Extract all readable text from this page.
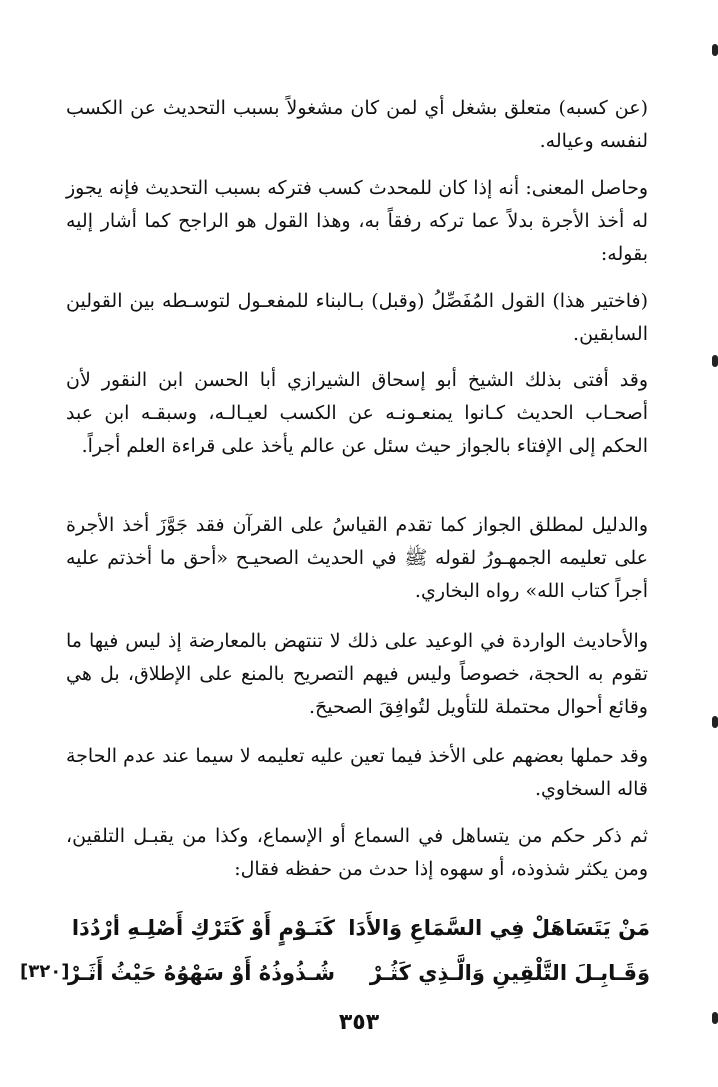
(عن كسبه) متعلق بشغل أي لمن كان مشغولاً بسبب التحديث عن الكسب لنفسه وعياله.

وحاصل المعنى: أنه إذا كان للمحدث كسب فتركه بسبب التحديث فإنه يجوز له أخذ الأجرة بدلاً عما تركه رفقاً به، وهذا القول هو الراجح كما أشار إليه بقوله:

(فاختير هذا) القول المُفَصِّلُ (وقبل) بـالبناء للمفعـول لتوسـطه بين القولين السابقين.

وقد أفتى بذلك الشيخ أبو إسحاق الشيرازي أبا الحسن ابن النقور لأن أصحـاب الحديث كـانوا يمنعـونـه عن الكسب لعيـالـه، وسبقـه ابن عبد الحكم إلى الإفتاء بالجواز حيث سئل عن عالم يأخذ على قراءة العلم أجراً.

والدليل لمطلق الجواز كما تقدم القياسُ على القرآن فقد جَوَّزَ أخذ الأجرة على تعليمه الجمهـورُ لقوله ﷺ في الحديث الصحيـح «أحق ما أخذتم عليه أجراً كتاب الله» رواه البخاري.

والأحاديث الواردة في الوعيد على ذلك لا تنتهض بالمعارضة إذ ليس فيها ما تقوم به الحجة، خصوصاً وليس فيهم التصريح بالمنع على الإطلاق، بل هي وقائع أحوال محتملة للتأويل لتُوافِقَ الصحيحَ.

وقد حملها بعضهم على الأخذ فيما تعين عليه تعليمه لا سيما عند عدم الحاجة قاله السخاوي.

ثم ذكر حكم من يتساهل في السماع أو الإسماع، وكذا من يقبـل التلقين، ومن يكثر شذوذه، أو سهوه إذا حدث من حفظه فقال:

مَنْ يَتَسَاهَلْ فِي السَّمَاعِ وَالأَدَا
كَنَـوْمٍ أَوْ كَتَرْكِ أَصْلِـهِ أرْدُدَا
وَقَـابِـلَ التَّلْقِينِ وَالَّـذِي كَثُـرْ
شُـذُوذُهُ أَوْ سَهْوُهُ حَيْثُ أَثَـرْ
[٣٢٠]
٣٥٣
